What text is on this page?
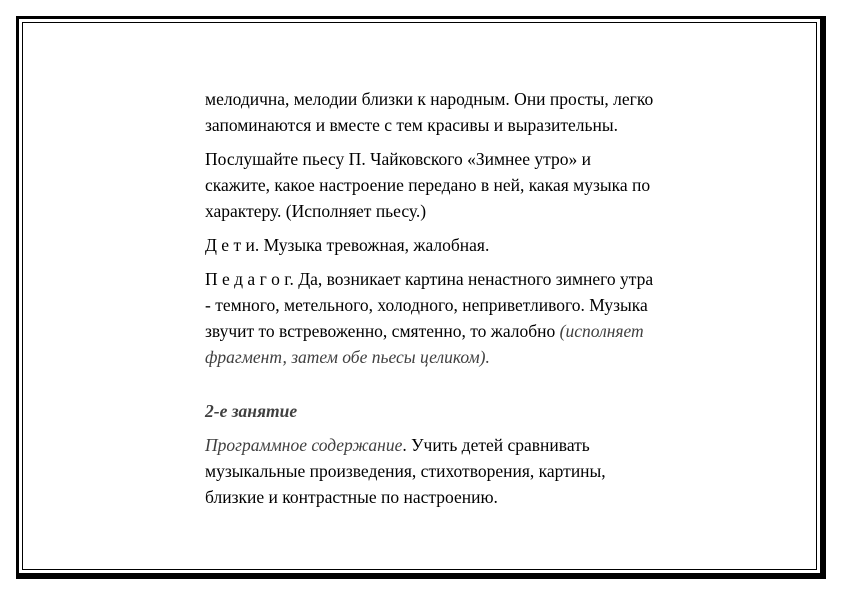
мелодична, мелодии близки к народным. Они просты, легко
запоминаются и вместе с тем красивы и выразительны.

Послушайте пьесу П. Чайковского «Зимнее утро» и
скажите, какое настроение передано в ней, какая музыка по
характеру. (Исполняет пьесу.)

Д е т и. Музыка тревожная, жалобная.

П е д а г о г. Да, возникает картина ненастного зимнего утра
- темного, метельного, холодного, неприветливого. Музыка
звучит то встревоженно, смятенно, то жалобно (исполняет
фрагмент, затем обе пьесы целиком).

2-е занятие

Программное содержание. Учить детей сравнивать
музыкальные произведения, стихотворения, картины,
близкие и контрастные по настроению.
